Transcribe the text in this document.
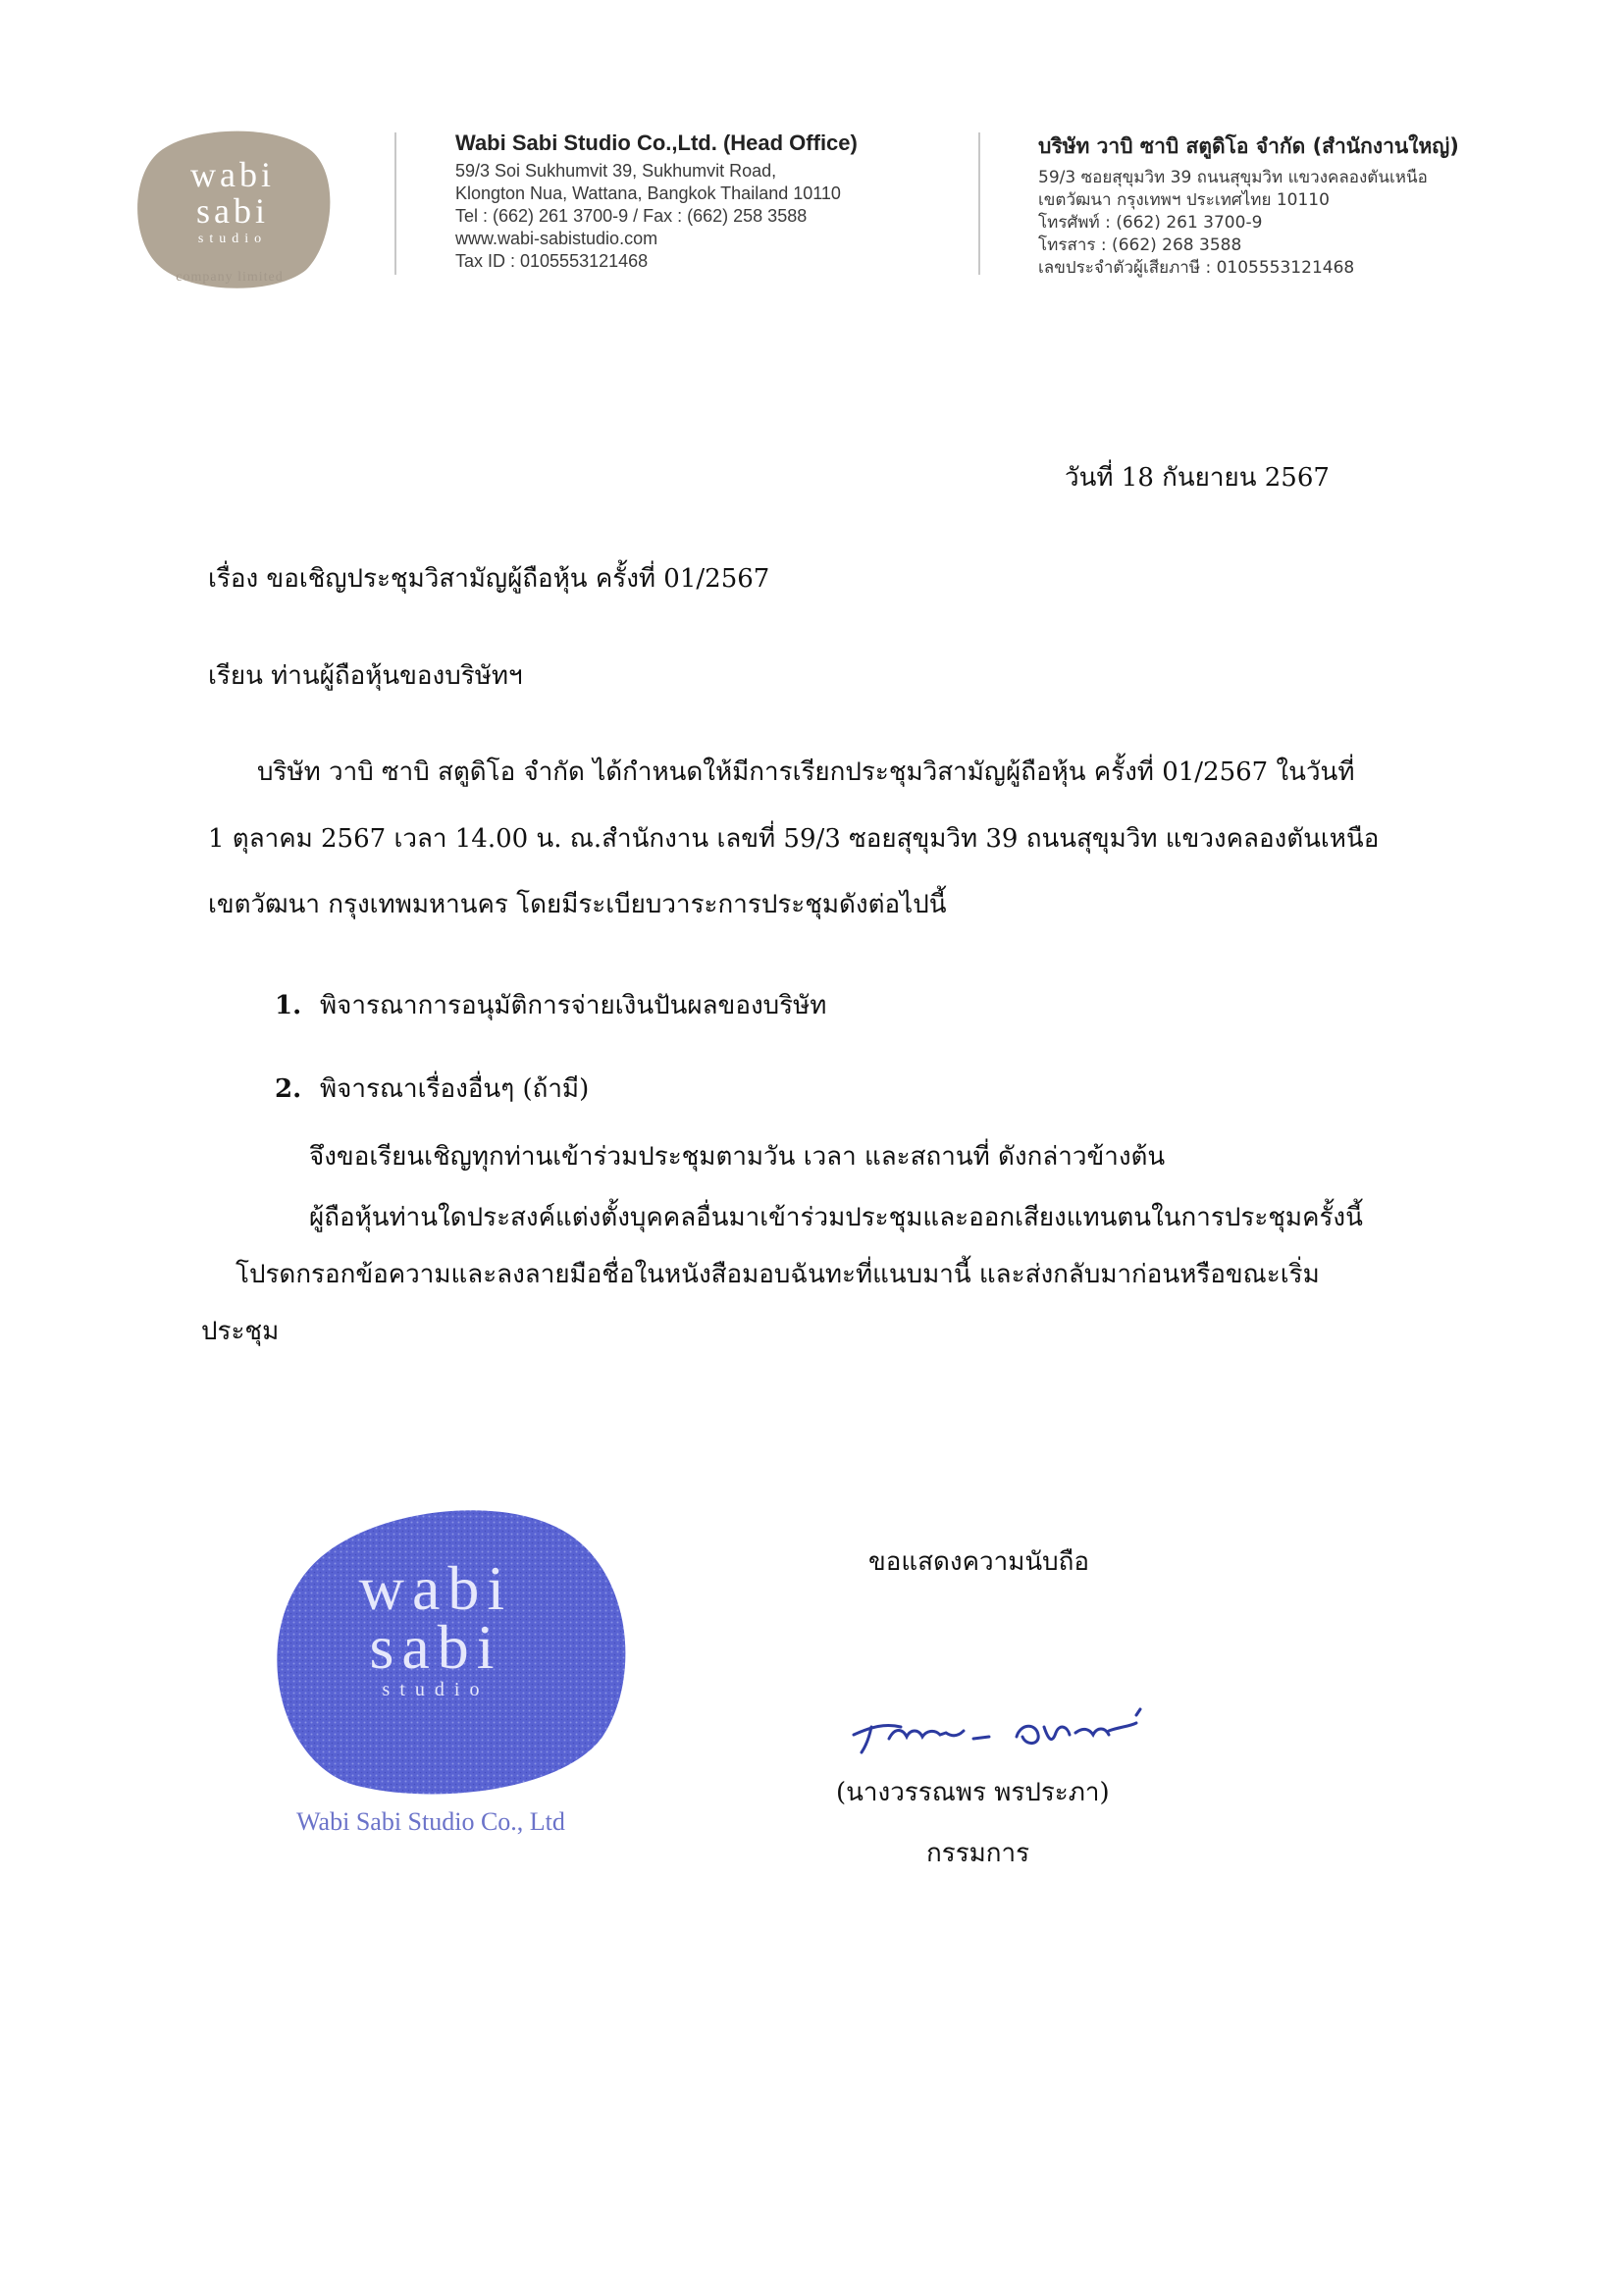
wabi
sabi
studio
company limited
Wabi Sabi Studio Co.,Ltd. (Head Office)
59/3 Soi Sukhumvit 39, Sukhumvit Road,
Klongton Nua, Wattana, Bangkok Thailand 10110
Tel : (662) 261 3700-9 / Fax : (662) 258 3588
www.wabi-sabistudio.com
Tax ID : 0105553121468
บริษัท วาบิ ซาบิ สตูดิโอ จำกัด (สำนักงานใหญ่)
59/3 ซอยสุขุมวิท 39 ถนนสุขุมวิท แขวงคลองตันเหนือ
เขตวัฒนา กรุงเทพฯ ประเทศไทย 10110
โทรศัพท์ : (662) 261 3700-9
โทรสาร : (662) 268 3588
เลขประจำตัวผู้เสียภาษี : 0105553121468
วันที่ 18 กันยายน 2567
เรื่อง ขอเชิญประชุมวิสามัญผู้ถือหุ้น ครั้งที่ 01/2567
เรียน ท่านผู้ถือหุ้นของบริษัทฯ
บริษัท วาบิ ซาบิ สตูดิโอ จำกัด ได้กำหนดให้มีการเรียกประชุมวิสามัญผู้ถือหุ้น ครั้งที่ 01/2567 ในวันที่
1 ตุลาคม 2567 เวลา 14.00 น. ณ.สำนักงาน เลขที่ 59/3 ซอยสุขุมวิท 39 ถนนสุขุมวิท แขวงคลองตันเหนือ
เขตวัฒนา กรุงเทพมหานคร โดยมีระเบียบวาระการประชุมดังต่อไปนี้
1. พิจารณาการอนุมัติการจ่ายเงินปันผลของบริษัท
2. พิจารณาเรื่องอื่นๆ (ถ้ามี)
จึงขอเรียนเชิญทุกท่านเข้าร่วมประชุมตามวัน เวลา และสถานที่ ดังกล่าวข้างต้น
ผู้ถือหุ้นท่านใดประสงค์แต่งตั้งบุคคลอื่นมาเข้าร่วมประชุมและออกเสียงแทนตนในการประชุมครั้งนี้
โปรดกรอกข้อความและลงลายมือชื่อในหนังสือมอบฉันทะที่แนบมานี้ และส่งกลับมาก่อนหรือขณะเริ่ม
ประชุม
ขอแสดงความนับถือ
(นางวรรณพร พรประภา)
กรรมการ
wabi
sabi
studio
Wabi Sabi Studio Co., Ltd
